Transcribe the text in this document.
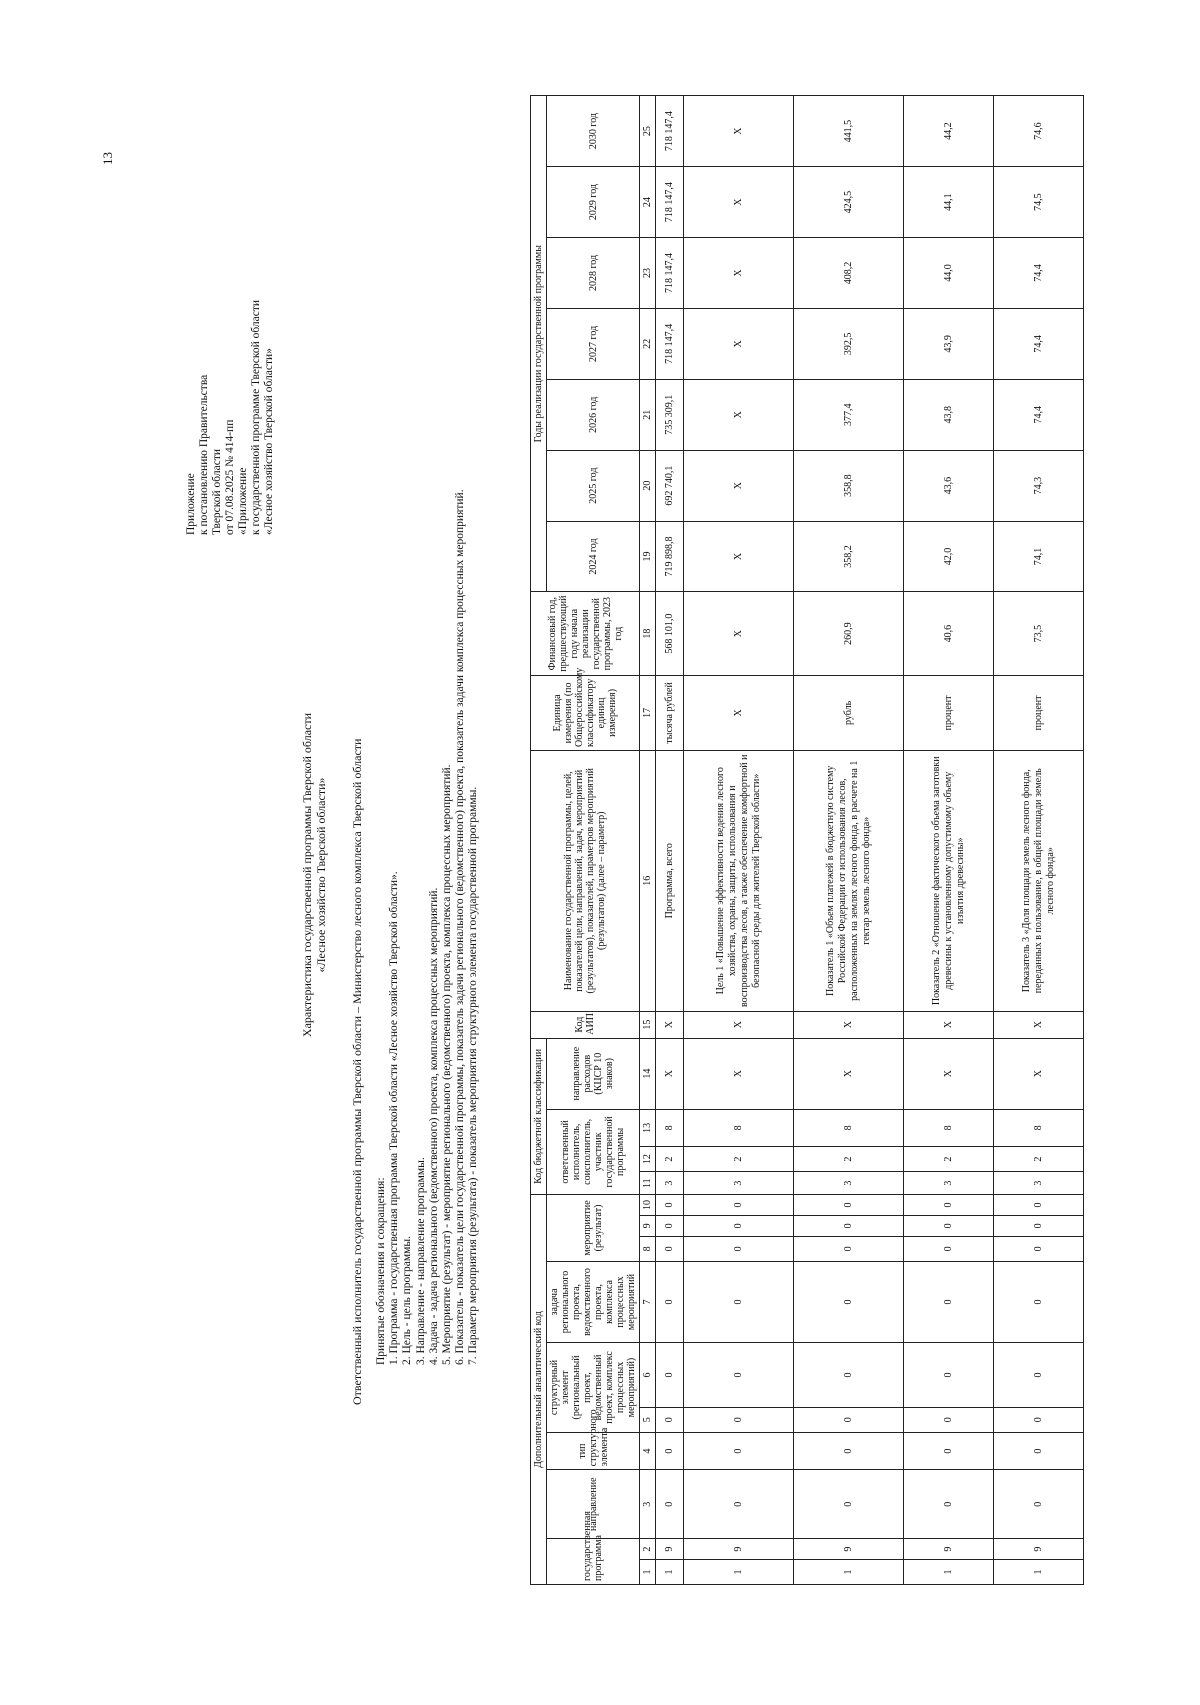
13
Приложение к постановлению Правительства Тверской области от 07.08.2025 № 414-пп «Приложение к государственной программе Тверской области «Лесное хозяйство Тверской области»
Характеристика государственной программы Тверской области «Лесное хозяйство Тверской области» Ответственный исполнитель государственной программы Тверской области – Министерство лесного комплекса Тверской области Принятые обозначения и сокращения: 1. Программа - государственная программа Тверской области «Лесное хозяйство Тверской области». 2. Цель - цель программы. 3. Направление - направление программы. 4. Задача - задача регионального (ведомственного) проекта, комплекса процессных мероприятий. 5. Мероприятие (результат) - мероприятие регионального (ведомственного) проекта, комплекса процессных мероприятий. 6. Показатель - показатель цели государственной программы, показатель задачи регионального (ведомственного) проекта, показатель задачи комплекса процессных мероприятий. 7. Параметр мероприятия (результата) - показатель мероприятия структурного элемента государственной программы.
Дополнительный аналитический код										Код бюджетной классификации				Код АИП	Наименование государственной программы, целей, показателей цели, направлений, задач, мероприятий (результатов), показателей, параметров мероприятий (результатов) (далее – параметр)	Единица измерения (по Общероссийскому классификатору единиц измерения)	Финансовый год, предшествующий году начала реализации государственной программы, 2023 год	Годы реализации государственной программы						
государственная программа		направление	тип структурного элемента	структурный элемент (региональный проект, ведомственный проект, комплекс процессных мероприятий)		задача регионального проекта, ведомственного проекта, комплекса процессных мероприятий	мероприятие (результат)			ответственный исполнитель, соисполнитель, участник государственной программы			направление расходов (КЦСР 10 знаков)					2024 год	2025 год	2026 год	2027 год	2028 год	2029 год	2030 год
1	2	3	4	5	6	7	8	9	10	11	12	13	14	15	16	17	18	19	20	21	22	23	24	25
1	9	0	0	0	0	0	0	0	0	3	2	8	Х	Х	Программа, всего	тысяча рублей	568 101,0	719 898,8	692 740,1	735 309,1	718 147,4	718 147,4	718 147,4	718 147,4
1	9	0	0	0	0	0	0	0	0	3	2	8	Х	Х	Цель 1 «Повышение эффективности ведения лесного хозяйства, охраны, защиты, использования и воспроизводства лесов, а также обеспечение комфортной и безопасной среды для жителей Тверской области»	Х	Х	Х	Х	Х	Х	Х	Х	Х
1	9	0	0	0	0	0	0	0	0	3	2	8	Х	Х	Показатель 1 «Объем платежей в бюджетную систему Российской Федерации от использования лесов, расположенных на землях лесного фонда, в расчете на 1 гектар земель лесного фонда»	рубль	260,9	358,2	358,8	377,4	392,5	408,2	424,5	441,5
1	9	0	0	0	0	0	0	0	0	3	2	8	Х	Х	Показатель 2 «Отношение фактического объема заготовки древесины к установленному допустимому объему изъятия древесины»	процент	40,6	42,0	43,6	43,8	43,9	44,0	44,1	44,2
1	9	0	0	0	0	0	0	0	0	3	2	8	Х	Х	Показатель 3 «Доля площади земель лесного фонда, переданных в пользование, в общей площади земель лесного фонда»	процент	73,5	74,1	74,3	74,4	74,4	74,4	74,5	74,6
